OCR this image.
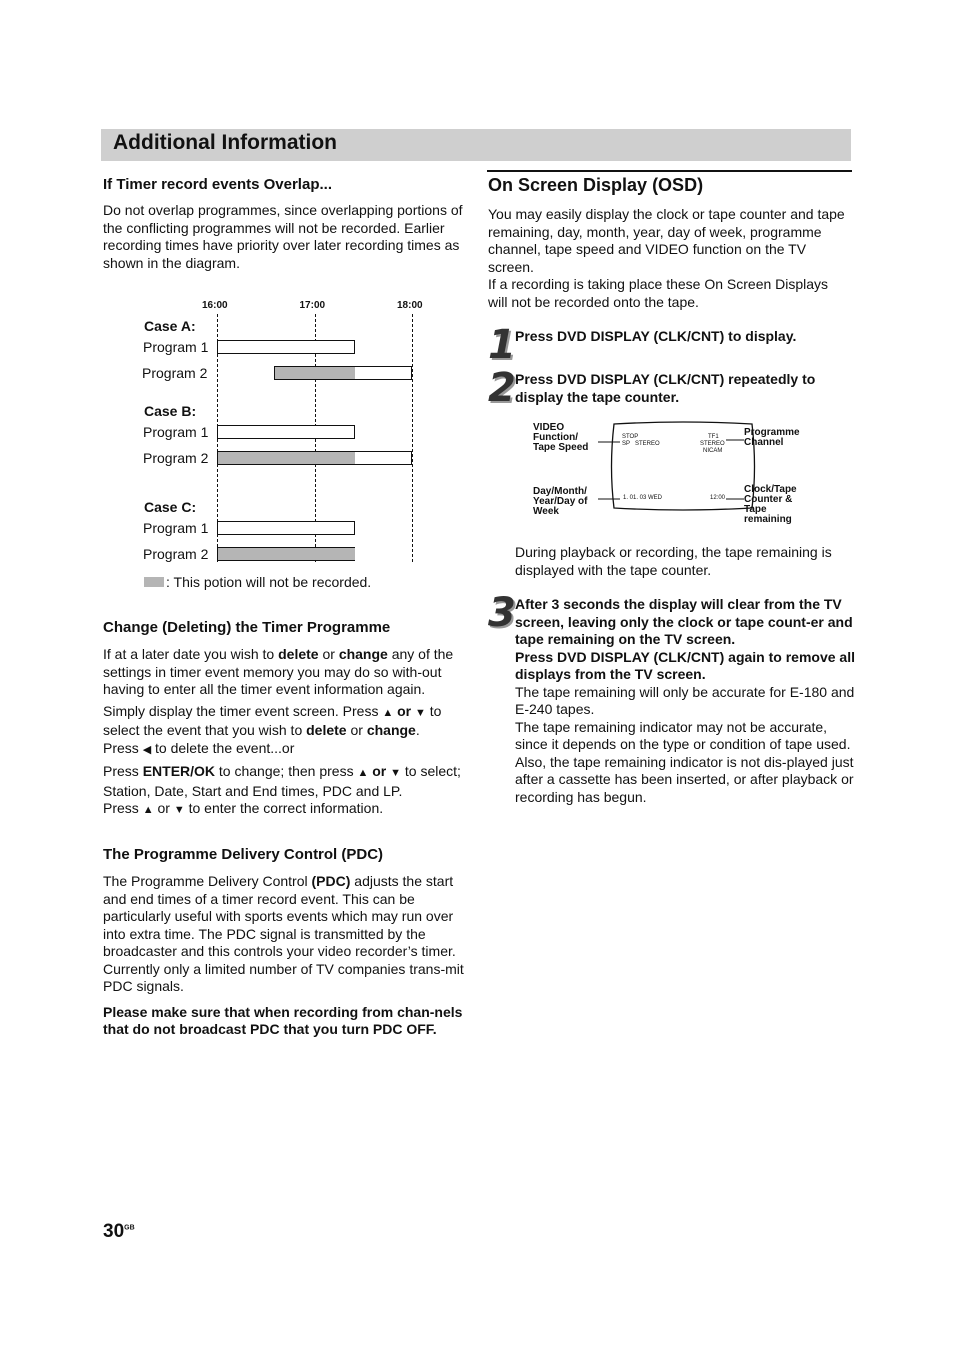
Additional Information
If Timer record events Overlap...

Do not overlap programmes, since overlapping portions of the conflicting programmes will not be recorded. Earlier recording times have priority over later recording times as shown in the diagram.

16:00	17:00	18:00
Case A:
Program 1
Program 2
Case B:
Program 1
Program 2
Case C:
Program 1
Program 2
: This potion will not be recorded.
Change (Deleting) the Timer Programme

If at a later date you wish to delete or change any of the settings in timer event memory you may do so with-out having to enter all the timer event information again.

Simply display the timer event screen. Press ▲ or ▼ to select the event that you wish to delete or change.
Press ◀ to delete the event...or

Press ENTER/OK to change; then press ▲ or ▼ to select; Station, Date, Start and End times, PDC and LP.
Press ▲ or ▼ to enter the correct information.

The Programme Delivery Control (PDC)

The Programme Delivery Control (PDC) adjusts the start and end times of a timer record event. This can be particularly useful with sports events which may run over into extra time. The PDC signal is transmitted by the broadcaster and this controls your video recorder’s timer.

Currently only a limited number of TV companies trans-mit PDC signals.

Please make sure that when recording from chan-nels that do not broadcast PDC that you turn PDC OFF.

On Screen Display (OSD)

You may easily display the clock or tape counter and tape remaining, day, month, year, day of week, programme channel, tape speed and VIDEO function on the TV screen.

If a recording is taking place these On Screen Displays will not be recorded onto the tape.

1 Press DVD DISPLAY (CLK/CNT) to display.
2 Press DVD DISPLAY (CLK/CNT) repeatedly to display the tape counter.
STOP
SP STEREO
TF1
STEREO
NICAM
1. 01. 03 WED	12:00
VIDEO
Function/
Tape Speed
Programme
Channel
Day/Month/
Year/Day of
Week
Clock/Tape
Counter &
Tape
remaining
During playback or recording, the tape remaining is displayed with the tape counter.
3 After 3 seconds the display will clear from the TV screen, leaving only the clock or tape count-er and tape remaining on the TV screen.
Press DVD DISPLAY (CLK/CNT) again to remove all displays from the TV screen.
The tape remaining will only be accurate for E-180 and E-240 tapes.
The tape remaining indicator may not be accurate, since it depends on the type or condition of tape used. Also, the tape remaining indicator is not dis-played just after a cassette has been inserted, or after playback or recording has begun.
$30^{GB}$
